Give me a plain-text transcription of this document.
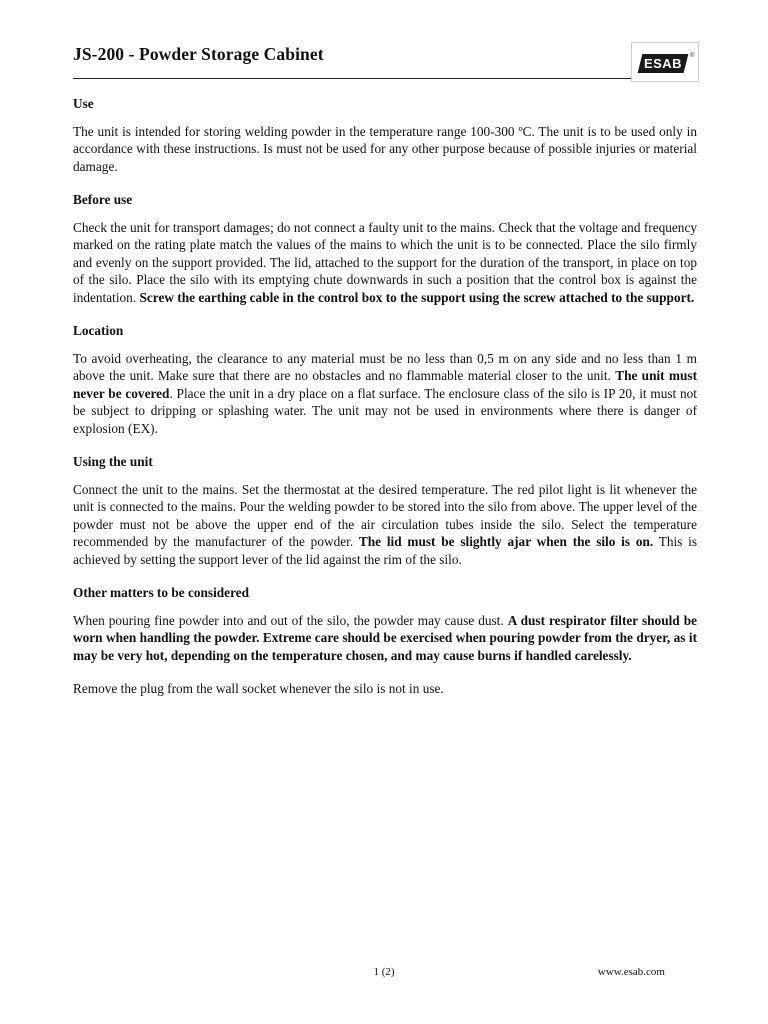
JS-200 - Powder Storage Cabinet	ESAB	®
Use

The unit is intended for storing welding powder in the temperature range 100-300 ºC. The unit is to be used only in accordance with these instructions. Is must not be used for any other purpose because of possible injuries or material damage.

Before use

Check the unit for transport damages; do not connect a faulty unit to the mains. Check that the voltage and frequency marked on the rating plate match the values of the mains to which the unit is to be connected. Place the silo firmly and evenly on the support provided. The lid, attached to the support for the duration of the transport, in place on top of the silo. Place the silo with its emptying chute downwards in such a position that the control box is against the indentation. Screw the earthing cable in the control box to the support using the screw attached to the support.

Location

To avoid overheating, the clearance to any material must be no less than 0,5 m on any side and no less than 1 m above the unit. Make sure that there are no obstacles and no flammable material closer to the unit. The unit must never be covered. Place the unit in a dry place on a flat surface. The enclosure class of the silo is IP 20, it must not be subject to dripping or splashing water. The unit may not be used in environments where there is danger of explosion (EX).

Using the unit

Connect the unit to the mains. Set the thermostat at the desired temperature. The red pilot light is lit whenever the unit is connected to the mains. Pour the welding powder to be stored into the silo from above. The upper level of the powder must not be above the upper end of the air circulation tubes inside the silo. Select the temperature recommended by the manufacturer of the powder. The lid must be slightly ajar when the silo is on. This is achieved by setting the support lever of the lid against the rim of the silo.

Other matters to be considered

When pouring fine powder into and out of the silo, the powder may cause dust. A dust respirator filter should be worn when handling the powder. Extreme care should be exercised when pouring powder from the dryer, as it may be very hot, depending on the temperature chosen, and may cause burns if handled carelessly.

Remove the plug from the wall socket whenever the silo is not in use.

1 (2)	www.esab.com
